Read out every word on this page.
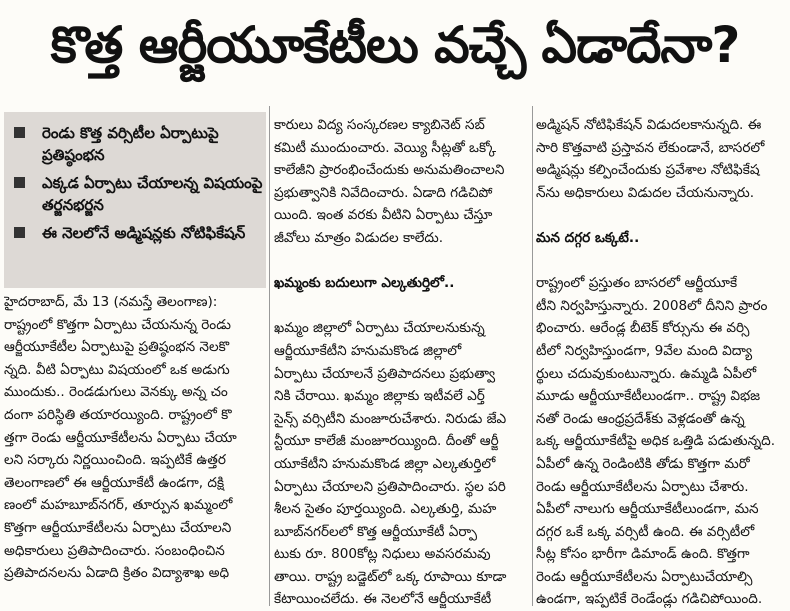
కొత్త ఆర్జీయూకేటీలు వచ్చే ఏడాదేనా?
రెండు కొత్త వర్సిటీల ఏర్పాటుపై ప్రతిష్ఠంభన
ఎక్కడ ఏర్పాటు చేయాలన్న విషయంపై తర్జనభర్జన
ఈ నెలలోనే అడ్మిషన్లకు నోటిఫికేషన్
హైదరాబాద్, మే 13 (నమస్తే తెలంగాణ):
రాష్ట్రంలో కొత్తగా ఏర్పాటు చేయనున్న రెండు
ఆర్జీయూకేటీల ఏర్పాటుపై ప్రతిష్ఠంభన నెలకొ
న్నది. వీటి ఏర్పాటు విషయంలో ఒక అడుగు
ముందుకు.. రెండడుగులు వెనక్కు అన్న చం
దంగా పరిస్థితి తయారయ్యింది. రాష్ట్రంలో కొ
త్తగా రెండు ఆర్జీయూకేటీలను ఏర్పాటు చేయా
లని సర్కారు నిర్ణయించింది. ఇప్పటికే ఉత్తర
తెలంగాణలో ఈ ఆర్జీయూకేటీ ఉండగా, దక్షి
ణంలో మహబూబ్‌నగర్, తూర్పున ఖమ్మంలో
కొత్తగా ఆర్జీయూకేటీలను ఏర్పాటు చేయాలని
అధికారులు ప్రతిపాదించారు. సంబంధించిన
ప్రతిపాదనలను ఏడాది క్రితం విద్యాశాఖ అధి
కారులు విద్య సంస్కరణల క్యాబినెట్ సబ్
కమిటీ ముందుంచారు. వెయ్యి సీట్లతో ఒక్కో
కాలేజీని ప్రారంభించేందుకు అనుమతించాలని
ప్రభుత్వానికి నివేదించారు. ఏడాది గడిచిపో
యింది. ఇంత వరకు వీటిని ఏర్పాటు చేస్తూ
జీవోలు మాత్రం విడుదల కాలేదు.
ఖమ్మంకు బదులుగా ఎల్కతుర్తిలో..
ఖమ్మం జిల్లాలో ఏర్పాటు చేయాలనుకున్న
ఆర్జీయూకేటీని హనుమకొండ జిల్లాలో
ఏర్పాటు చేయాలనే ప్రతిపాదనలు ప్రభుత్వా
నికి చేరాయి. ఖమ్మం జిల్లాకు ఇటీవలే ఎర్త్
సైన్స్ వర్సిటీని మంజూరుచేశారు. నిరుడు జేఎ
న్టీయూ కాలేజీ మంజూరయ్యింది. దీంతో ఆర్జీ
యూకేటీని హనుమకొండ జిల్లా ఎల్కతుర్తిలో
ఏర్పాటు చేయాలని ప్రతిపాదించారు. స్థల పరి
శీలన సైతం పూర్తయ్యింది. ఎల్కతుర్తి, మహ
బూబ్‌నగర్‌లలో కొత్త ఆర్జీయూకేటీ ఏర్పా
టుకు రూ. 800కోట్ల నిధులు అవసరమవు
తాయి. రాష్ట్ర బడ్జెట్‌లో ఒక్క రూపాయి కూడా
కేటాయించలేదు. ఈ నెలలోనే ఆర్జీయూకేటీ
అడ్మిషన్ నోటిఫికేషన్ విడుదలకానున్నది. ఈ
సారి కొత్తవాటి ప్రస్తావన లేకుండానే, బాసరలో
అడ్మిషన్లు కల్పించేందుకు ప్రవేశాల నోటిఫికేష
న్‌ను అధికారులు విడుదల చేయనున్నారు.
మన దగ్గర ఒక్కటే..
రాష్ట్రంలో ప్రస్తుతం బాసరలో ఆర్జీయూకే
టీని నిర్వహిస్తున్నారు. 2008లో దీనిని ప్రారం
భించారు. ఆరేండ్ల బీటెక్ కోర్సును ఈ వర్సి
టీలో నిర్వహిస్తుండగా, 9వేల మంది విద్యా
ర్థులు చదువుకుంటున్నారు. ఉమ్మడి ఏపీలో
మూడు ఆర్జీయూకేటీలుండగా.. రాష్ట్ర విభజ
నతో రెండు ఆంధ్రప్రదేశ్‌కు వెళ్లడంతో ఉన్న
ఒక్క ఆర్జీయూకేటీపై అధిక ఒత్తిడి పడుతున్నది.
ఏపీలో ఉన్న రెండింటికి తోడు కొత్తగా మరో
రెండు ఆర్జీయూకేటీలను ఏర్పాటు చేశారు.
ఏపీలో నాలుగు ఆర్జీయూకేటీలుండగా, మన
దగ్గర ఒకే ఒక్క వర్సిటీ ఉంది. ఈ వర్సిటీలో
సీట్ల కోసం భారీగా డిమాండ్ ఉంది. కొత్తగా
రెండు ఆర్జీయూకేటీలను ఏర్పాటుచేయాల్సి
ఉండగా, ఇప్పటికే రెండేండ్లు గడిచిపోయింది.
